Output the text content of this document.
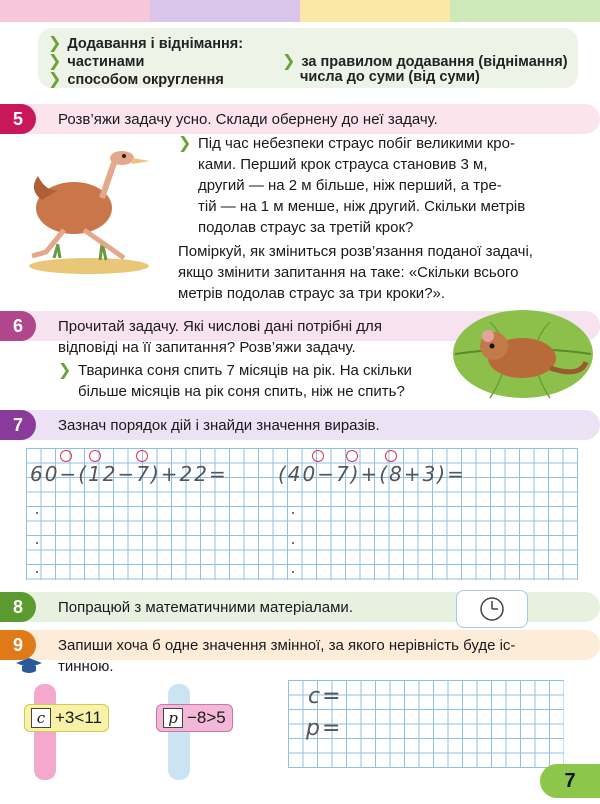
❯ Додавання і віднімання:
❯ частинами
❯ способом округлення
❯ за правилом додавання (віднімання)
числа до суми (від суми)
5	Розв’яжи задачу усно. Склади обернену до неї задачу.
❯ Під час небезпеки страус побіг великими кро-
ками. Перший крок страуса становив 3 м,
другий — на 2 м більше, ніж перший, а тре-
тій — на 1 м менше, ніж другий. Скільки метрів
подолав страус за третій крок?
Поміркуй, як зміниться розв’язання поданої задачі,
якщо змінити запитання на таке: «Скільки всього
метрів подолав страус за три кроки?».
6	Прочитай задачу. Які числові дані потрібні для
відповіді на її запитання? Розв’яжи задачу.
❯ Тваринка соня спить 7 місяців на рік. На скільки
більше місяців на рік соня спить, ніж не спить?
7	Зазнач порядок дій і знайди значення виразів.
60−(12−7)+22=	(40−7)+(8+3)=
8	Попрацюй з математичними матеріалами.
9	Запиши хоча б одне значення змінної, за якого нерівність буде іс-
тинною.
c +3<11	p −8>5
c=
p=
7
